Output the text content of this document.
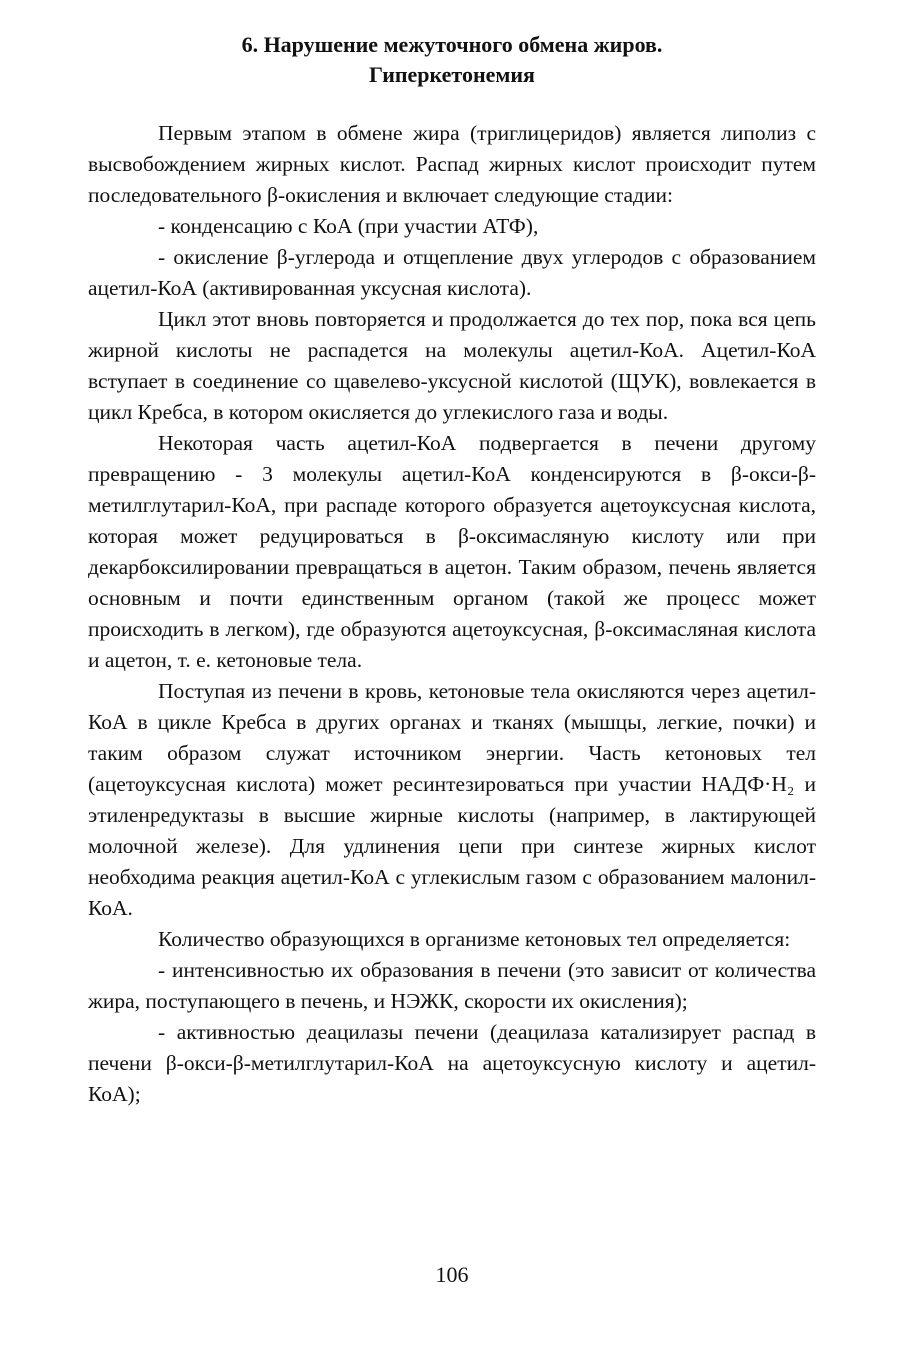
6. Нарушение межуточного обмена жиров.
Гиперкетонемия

Первым этапом в обмене жира (триглицеридов) является липолиз с высвобождением жирных кислот. Распад жирных кислот происходит путем последовательного β-окисления и включает следующие стадии:

- конденсацию с КоА (при участии АТФ),

- окисление β-углерода и отщепление двух углеродов с образованием ацетил-КоА (активированная уксусная кислота).

Цикл этот вновь повторяется и продолжается до тех пор, пока вся цепь жирной кислоты не распадется на молекулы ацетил-КоА. Ацетил-КоА вступает в соединение со щавелево-уксусной кислотой (ЩУК), вовлекается в цикл Кребса, в котором окисляется до углекислого газа и воды.

Некоторая часть ацетил-КоА подвергается в печени другому превращению - 3 молекулы ацетил-КоА конденсируются в β-окси-β-метилглутарил-КоА, при распаде которого образуется ацетоуксусная кислота, которая может редуцироваться в β-оксимасляную кислоту или при декарбоксилировании превращаться в ацетон. Таким образом, печень является основным и почти единственным органом (такой же процесс может происходить в легком), где образуются ацетоуксусная, β-оксимасляная кислота и ацетон, т. е. кетоновые тела.

Поступая из печени в кровь, кетоновые тела окисляются через ацетил-КоА в цикле Кребса в других органах и тканях (мышцы, легкие, почки) и таким образом служат источником энергии. Часть кетоновых тел (ацетоуксусная кислота) может ресинтезироваться при участии НАДФ·Н₂ и этиленредуктазы в высшие жирные кислоты (например, в лактирующей молочной железе). Для удлинения цепи при синтезе жирных кислот необходима реакция ацетил-КоА с углекислым газом с образованием малонил-КоА.

Количество образующихся в организме кетоновых тел определяется:

- интенсивностью их образования в печени (это зависит от количества жира, поступающего в печень, и НЭЖК, скорости их окисления);

- активностью деацилазы печени (деацилаза катализирует распад в печени β-окси-β-метилглутарил-КоА на ацетоуксусную кислоту и ацетил-КоА);

106
